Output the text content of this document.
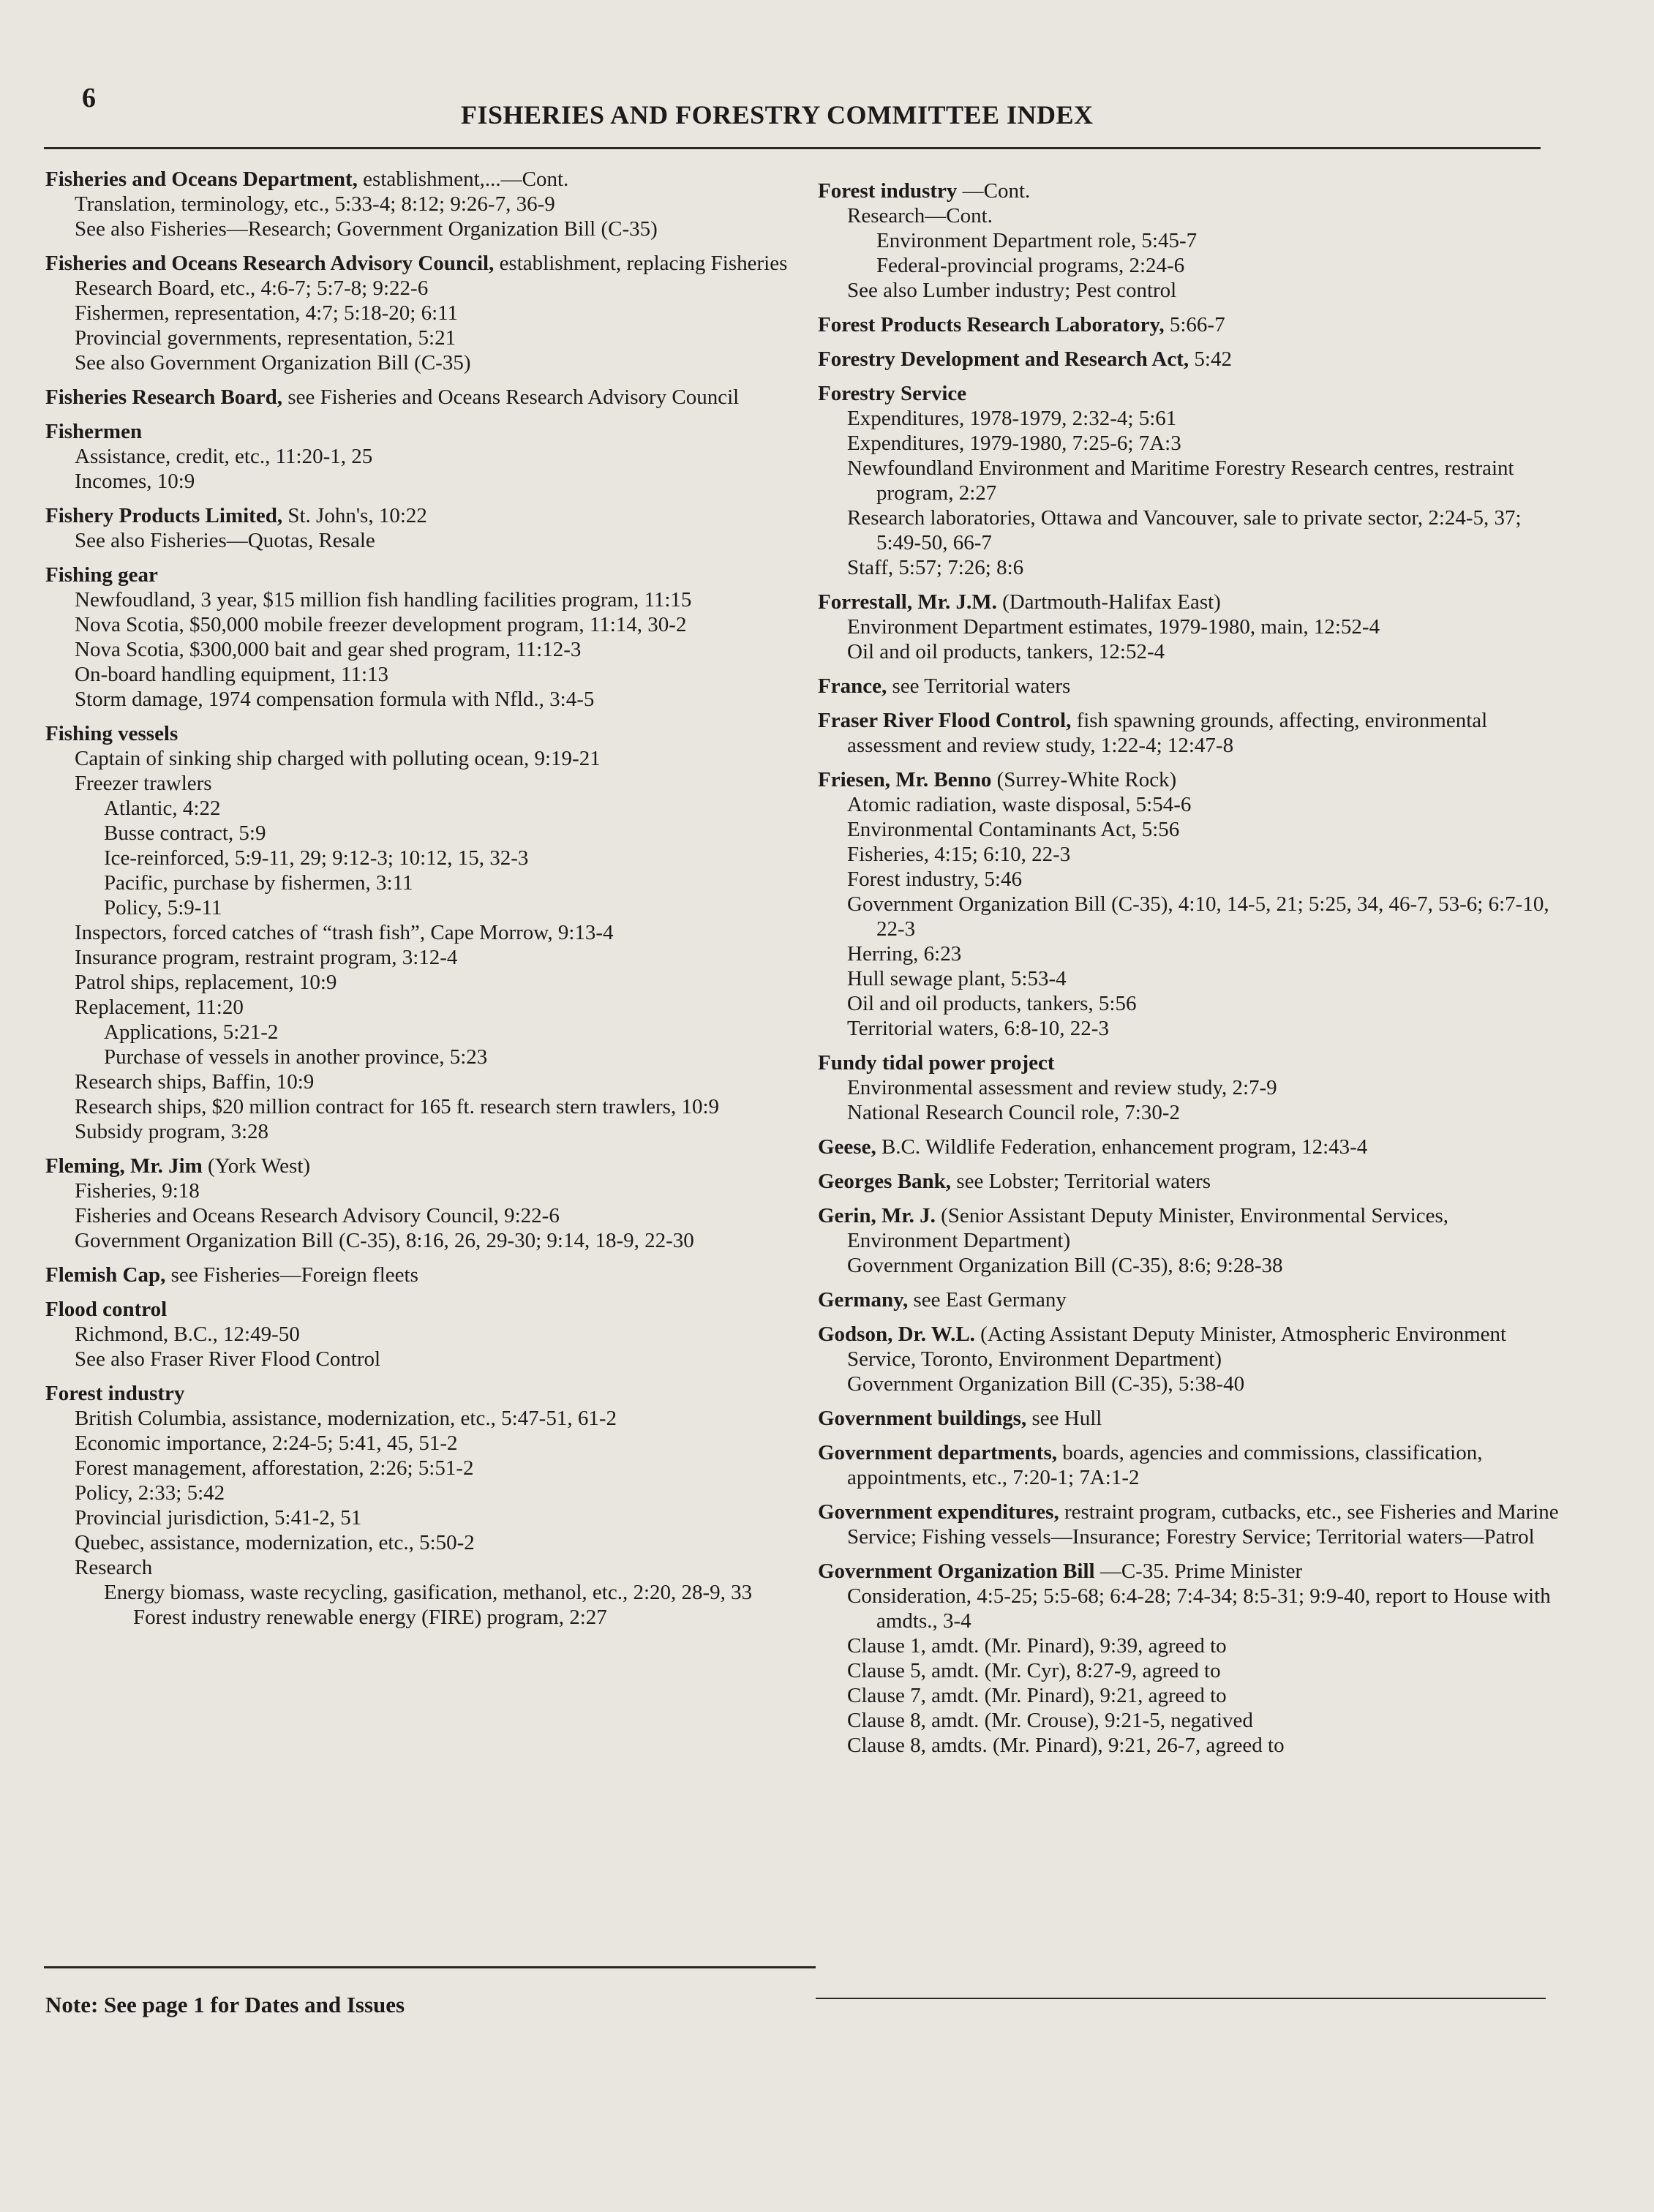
6
FISHERIES AND FORESTRY COMMITTEE INDEX
Fisheries and Oceans Department, establishment,...—Cont.
Translation, terminology, etc., 5:33-4; 8:12; 9:26-7, 36-9
See also Fisheries—Research; Government Organization Bill (C-35)
Fisheries and Oceans Research Advisory Council, establishment, replacing Fisheries Research Board, etc., 4:6-7; 5:7-8; 9:22-6
Fishermen, representation, 4:7; 5:18-20; 6:11
Provincial governments, representation, 5:21
See also Government Organization Bill (C-35)
Fisheries Research Board, see Fisheries and Oceans Research Advisory Council
Fishermen
Assistance, credit, etc., 11:20-1, 25
Incomes, 10:9
Fishery Products Limited, St. John's, 10:22
See also Fisheries—Quotas, Resale
Fishing gear
Newfoudland, 3 year, $15 million fish handling facilities program, 11:15
Nova Scotia, $50,000 mobile freezer development program, 11:14, 30-2
Nova Scotia, $300,000 bait and gear shed program, 11:12-3
On-board handling equipment, 11:13
Storm damage, 1974 compensation formula with Nfld., 3:4-5
Fishing vessels
Captain of sinking ship charged with polluting ocean, 9:19-21
Freezer trawlers
Atlantic, 4:22
Busse contract, 5:9
Ice-reinforced, 5:9-11, 29; 9:12-3; 10:12, 15, 32-3
Pacific, purchase by fishermen, 3:11
Policy, 5:9-11
Inspectors, forced catches of “trash fish”, Cape Morrow, 9:13-4
Insurance program, restraint program, 3:12-4
Patrol ships, replacement, 10:9
Replacement, 11:20
Applications, 5:21-2
Purchase of vessels in another province, 5:23
Research ships, Baffin, 10:9
Research ships, $20 million contract for 165 ft. research stern trawlers, 10:9
Subsidy program, 3:28
Fleming, Mr. Jim (York West)
Fisheries, 9:18
Fisheries and Oceans Research Advisory Council, 9:22-6
Government Organization Bill (C-35), 8:16, 26, 29-30; 9:14, 18-9, 22-30
Flemish Cap, see Fisheries—Foreign fleets
Flood control
Richmond, B.C., 12:49-50
See also Fraser River Flood Control
Forest industry
British Columbia, assistance, modernization, etc., 5:47-51, 61-2
Economic importance, 2:24-5; 5:41, 45, 51-2
Forest management, afforestation, 2:26; 5:51-2
Policy, 2:33; 5:42
Provincial jurisdiction, 5:41-2, 51
Quebec, assistance, modernization, etc., 5:50-2
Research
Energy biomass, waste recycling, gasification, methanol, etc., 2:20, 28-9, 33
Forest industry renewable energy (FIRE) program, 2:27
Forest industry —Cont.
Research—Cont.
Environment Department role, 5:45-7
Federal-provincial programs, 2:24-6
See also Lumber industry; Pest control
Forest Products Research Laboratory, 5:66-7
Forestry Development and Research Act, 5:42
Forestry Service
Expenditures, 1978-1979, 2:32-4; 5:61
Expenditures, 1979-1980, 7:25-6; 7A:3
Newfoundland Environment and Maritime Forestry Research centres, restraint program, 2:27
Research laboratories, Ottawa and Vancouver, sale to private sector, 2:24-5, 37; 5:49-50, 66-7
Staff, 5:57; 7:26; 8:6
Forrestall, Mr. J.M. (Dartmouth-Halifax East)
Environment Department estimates, 1979-1980, main, 12:52-4
Oil and oil products, tankers, 12:52-4
France, see Territorial waters
Fraser River Flood Control, fish spawning grounds, affecting, environmental assessment and review study, 1:22-4; 12:47-8
Friesen, Mr. Benno (Surrey-White Rock)
Atomic radiation, waste disposal, 5:54-6
Environmental Contaminants Act, 5:56
Fisheries, 4:15; 6:10, 22-3
Forest industry, 5:46
Government Organization Bill (C-35), 4:10, 14-5, 21; 5:25, 34, 46-7, 53-6; 6:7-10, 22-3
Herring, 6:23
Hull sewage plant, 5:53-4
Oil and oil products, tankers, 5:56
Territorial waters, 6:8-10, 22-3
Fundy tidal power project
Environmental assessment and review study, 2:7-9
National Research Council role, 7:30-2
Geese, B.C. Wildlife Federation, enhancement program, 12:43-4
Georges Bank, see Lobster; Territorial waters
Gerin, Mr. J. (Senior Assistant Deputy Minister, Environmental Services, Environment Department)
Government Organization Bill (C-35), 8:6; 9:28-38
Germany, see East Germany
Godson, Dr. W.L. (Acting Assistant Deputy Minister, Atmospheric Environment Service, Toronto, Environment Department)
Government Organization Bill (C-35), 5:38-40
Government buildings, see Hull
Government departments, boards, agencies and commissions, classification, appointments, etc., 7:20-1; 7A:1-2
Government expenditures, restraint program, cutbacks, etc., see Fisheries and Marine Service; Fishing vessels—Insurance; Forestry Service; Territorial waters—Patrol
Government Organization Bill —C-35. Prime Minister
Consideration, 4:5-25; 5:5-68; 6:4-28; 7:4-34; 8:5-31; 9:9-40, report to House with amdts., 3-4
Clause 1, amdt. (Mr. Pinard), 9:39, agreed to
Clause 5, amdt. (Mr. Cyr), 8:27-9, agreed to
Clause 7, amdt. (Mr. Pinard), 9:21, agreed to
Clause 8, amdt. (Mr. Crouse), 9:21-5, negatived
Clause 8, amdts. (Mr. Pinard), 9:21, 26-7, agreed to
Note: See page 1 for Dates and Issues
